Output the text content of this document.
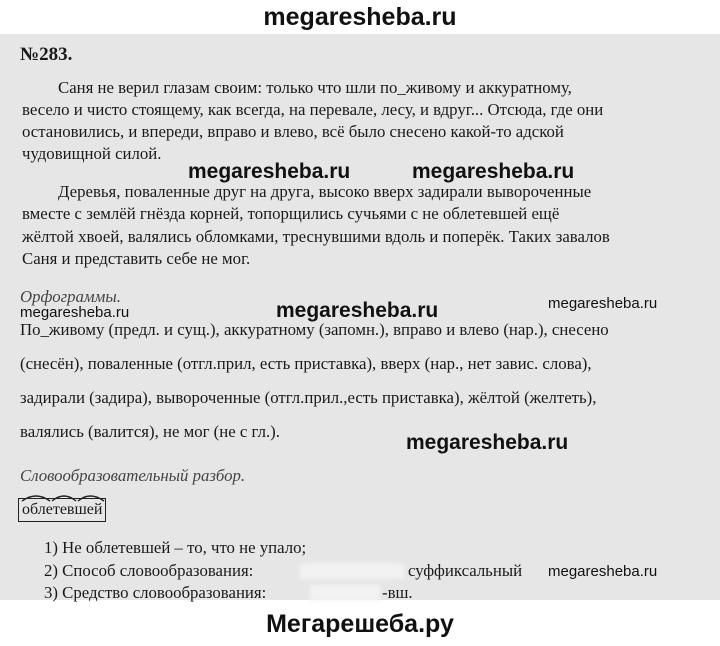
megaresheba.ru
№283.
Саня не верил глазам своим: только что шли по_живому и аккуратному,
весело и чисто стоящему, как всегда, на перевале, лесу, и вдруг... Отсюда, где они
остановились, и впереди, вправо и влево, всё было снесено какой-то адской
чудовищной силой.
Деревья, поваленные друг на друга, высоко вверх задирали вывороченные
вместе с землёй гнёзда корней, топорщились сучьями с не облетевшей ещё
жёлтой хвоей, валялись обломками, треснувшими вдоль и поперёк. Таких завалов
Саня и представить себе не мог.
Орфограммы.
По_живому (предл. и сущ.), аккуратному (запомн.), вправо и влево (нар.), снесено
(снесён), поваленные (отгл.прил, есть приставка), вверх (нар., нет завис. слова),
задирали (задира), вывороченные (отгл.прил.,есть приставка), жёлтой (желтеть),
валялись (валится), не мог (не с гл.).
Словообразовательный разбор.
облетевшей
1) Не облетевшей – то, что не упало;
2) Способ словообразования:	суффиксальный
3) Средство словообразования:	-вш.
megaresheba.ru	megaresheba.ru
megaresheba.ru	megaresheba.ru	megaresheba.ru
megaresheba.ru
megaresheba.ru
Мегарешеба.ру
